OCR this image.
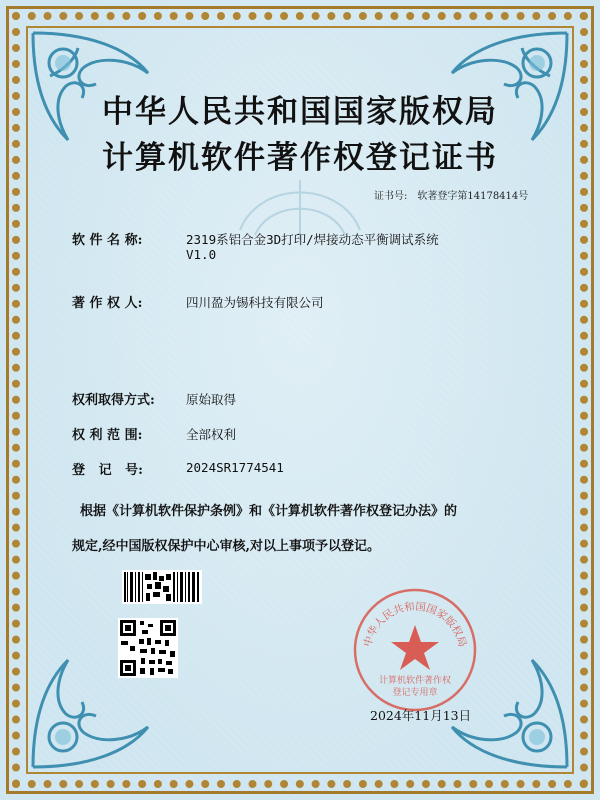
中华人民共和国国家版权局
计算机软件著作权登记证书
证书号: 软著登字第14178414号
软 件 名 称:	2319系铝合金3D打印/焊接动态平衡调试系统
V1.0
著 作 权 人:	四川盈为锡科技有限公司
权利取得方式:	原始取得
权 利 范 围:	全部权利
登   记   号:	2024SR1774541
根据《计算机软件保护条例》和《计算机软件著作权登记办法》的
规定,经中国版权保护中心审核,对以上事项予以登记。
中华人民共和国国家版权局
计算机软件著作权
登记专用章
2024年11月13日
